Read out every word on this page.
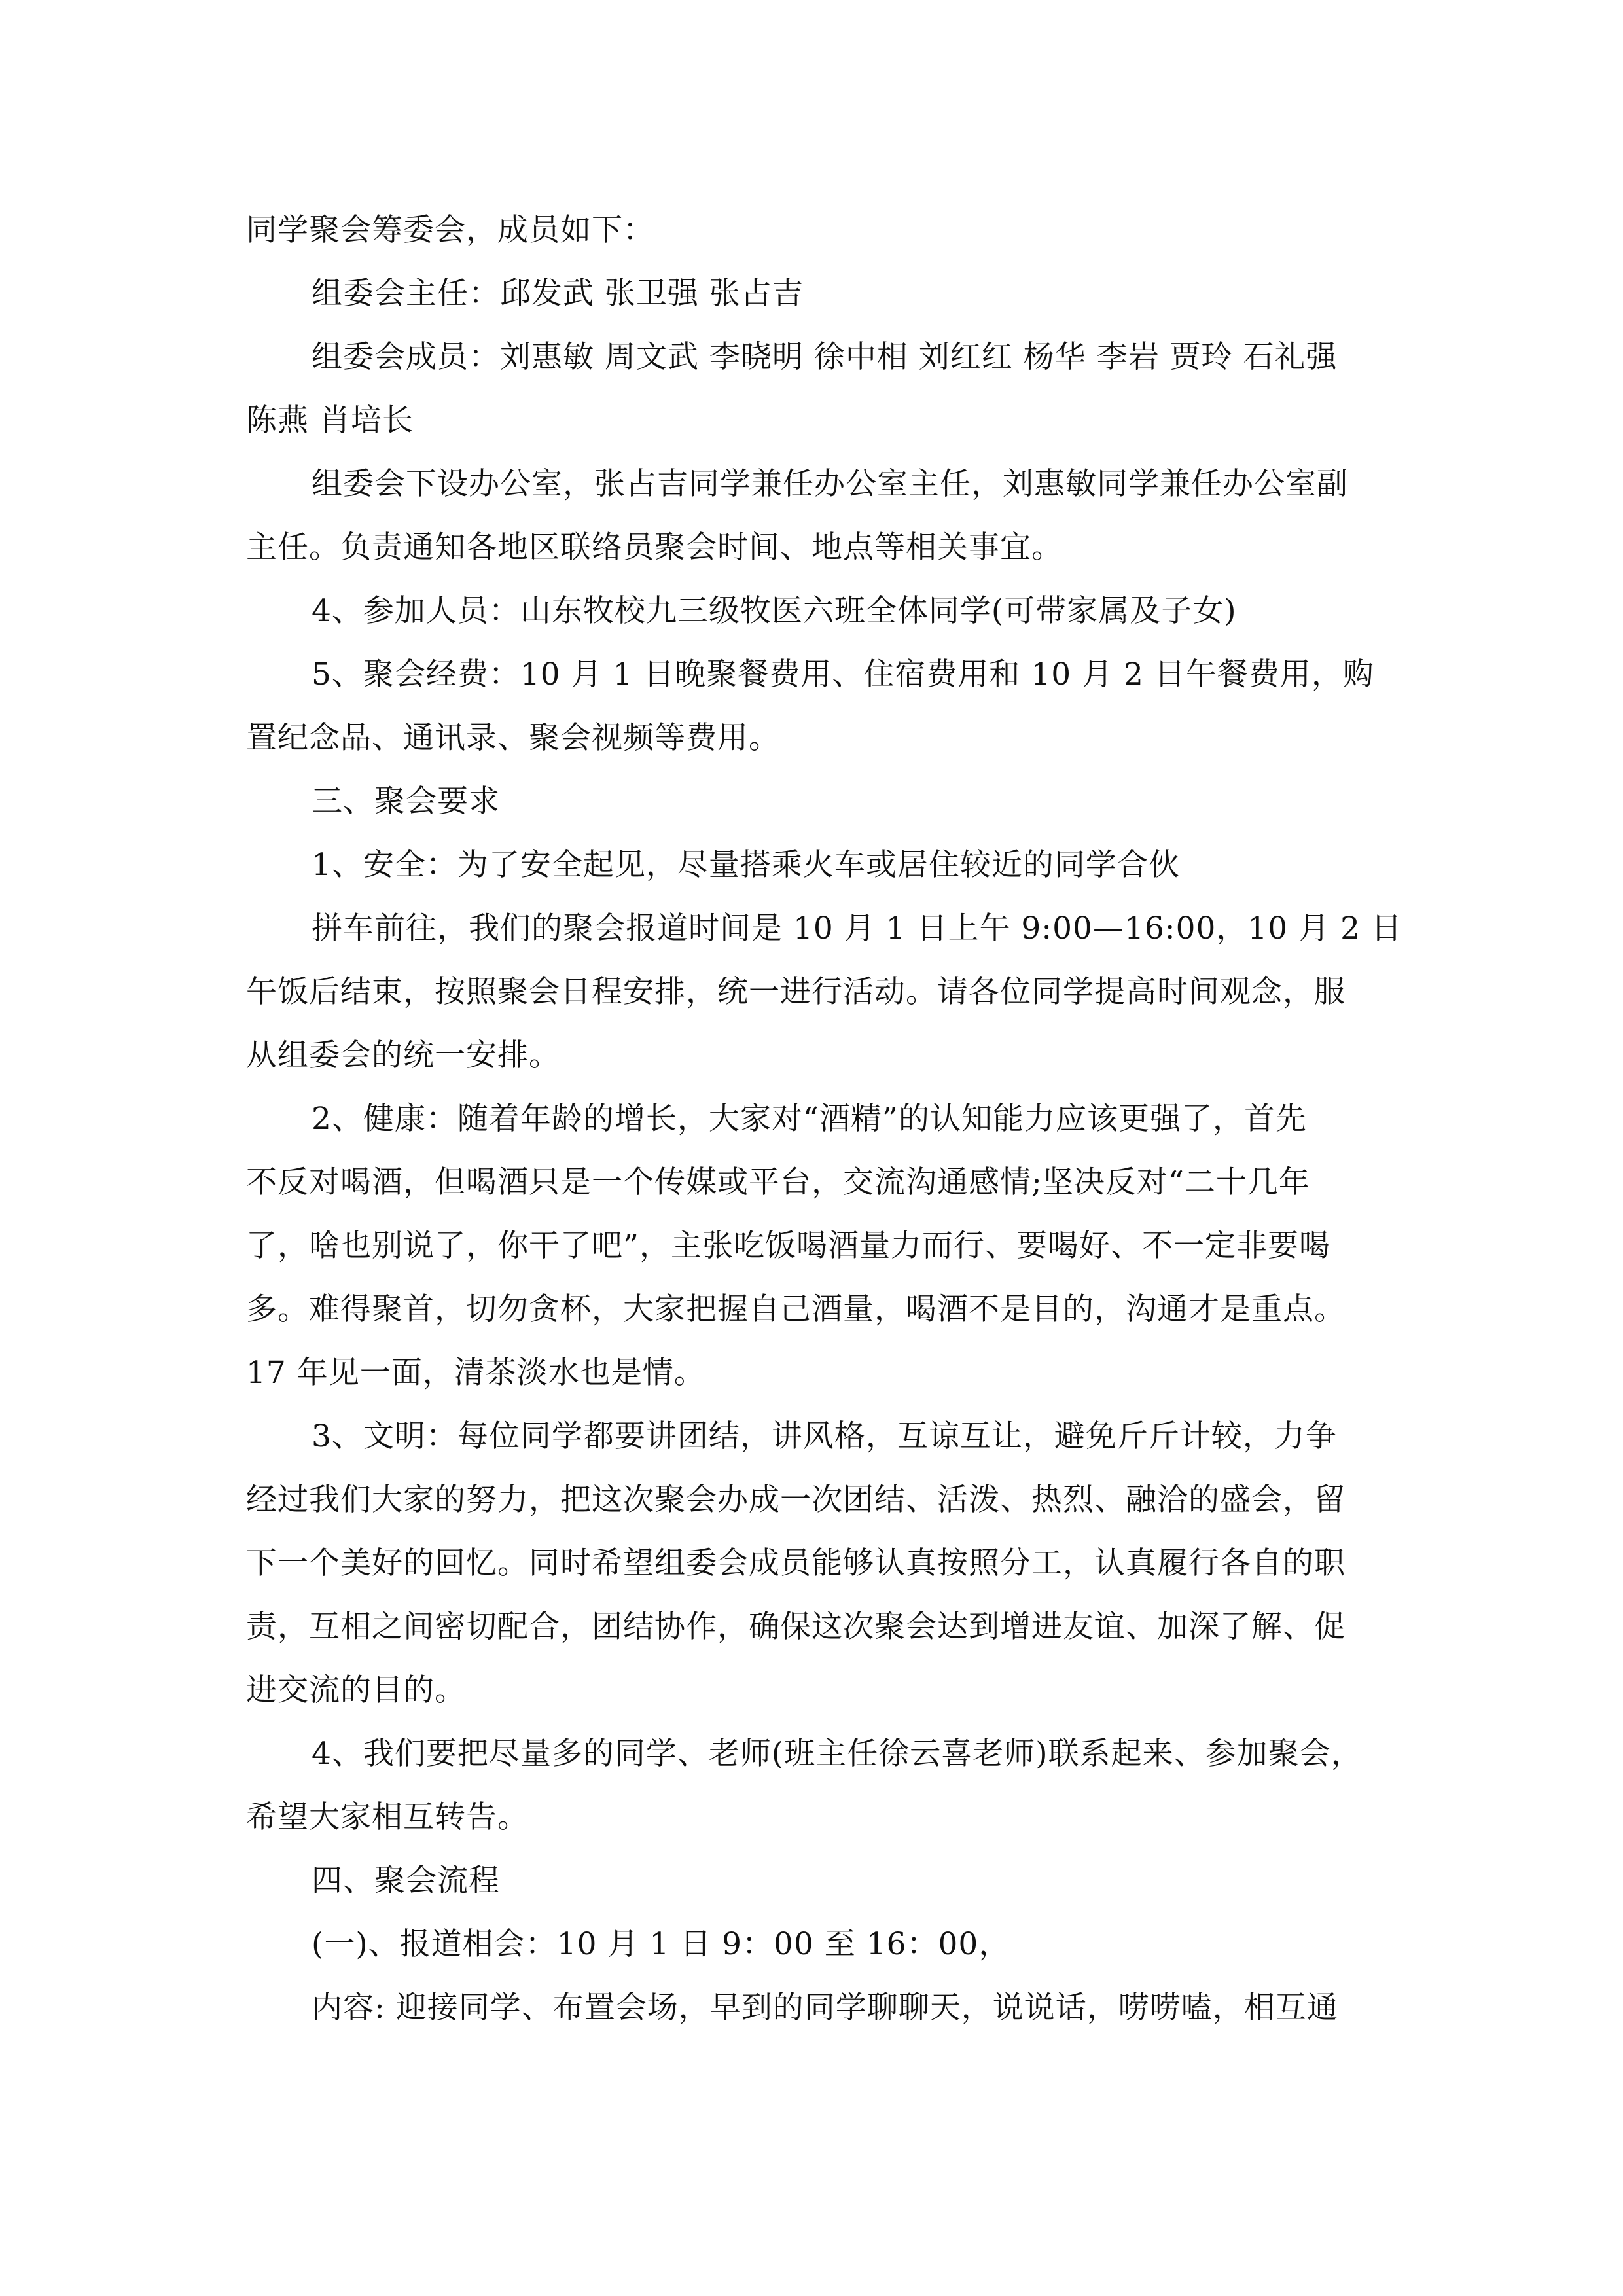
同学聚会筹委会，成员如下：
组委会主任：邱发武 张卫强 张占吉
组委会成员：刘惠敏 周文武 李晓明 徐中相 刘红红 杨华 李岩 贾玲 石礼强
陈燕 肖培长
组委会下设办公室，张占吉同学兼任办公室主任，刘惠敏同学兼任办公室副
主任。负责通知各地区联络员聚会时间、地点等相关事宜。
4、参加人员：山东牧校九三级牧医六班全体同学(可带家属及子女)
5、聚会经费：10 月 1 日晚聚餐费用、住宿费用和 10 月 2 日午餐费用，购
置纪念品、通讯录、聚会视频等费用。
三、聚会要求
1、安全：为了安全起见，尽量搭乘火车或居住较近的同学合伙
拼车前往，我们的聚会报道时间是 10 月 1 日上午 9:00—16:00，10 月 2 日
午饭后结束，按照聚会日程安排，统一进行活动。请各位同学提高时间观念，服
从组委会的统一安排。
2、健康：随着年龄的增长，大家对“酒精”的认知能力应该更强了，首先
不反对喝酒，但喝酒只是一个传媒或平台，交流沟通感情;坚决反对“二十几年
了，啥也别说了，你干了吧”，主张吃饭喝酒量力而行、要喝好、不一定非要喝
多。难得聚首，切勿贪杯，大家把握自己酒量，喝酒不是目的，沟通才是重点。
17 年见一面，清茶淡水也是情。
3、文明：每位同学都要讲团结，讲风格，互谅互让，避免斤斤计较，力争
经过我们大家的努力，把这次聚会办成一次团结、活泼、热烈、融洽的盛会，留
下一个美好的回忆。同时希望组委会成员能够认真按照分工，认真履行各自的职
责，互相之间密切配合，团结协作，确保这次聚会达到增进友谊、加深了解、促
进交流的目的。
4、我们要把尽量多的同学、老师(班主任徐云喜老师)联系起来、参加聚会，
希望大家相互转告。
四、聚会流程
(一)、报道相会：10 月 1 日 9：00 至 16：00，
内容: 迎接同学、布置会场，早到的同学聊聊天，说说话，唠唠嗑，相互通
